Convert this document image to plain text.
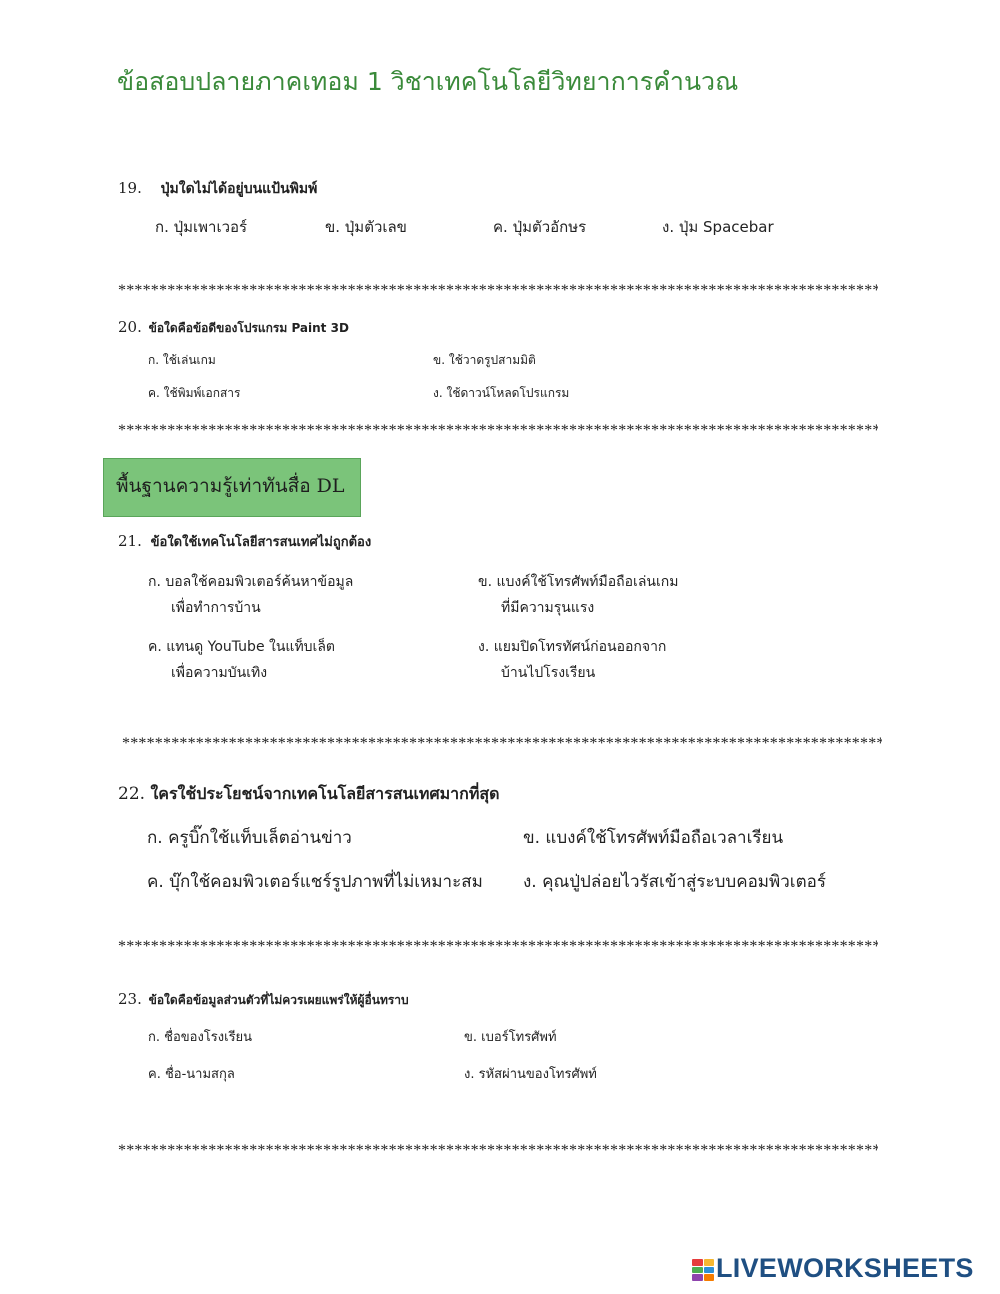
ข้อสอบปลายภาคเทอม 1 วิชาเทคโนโลยีวิทยาการคำนวณ
19. ปุ่มใดไม่ได้อยู่บนแป้นพิมพ์
ก. ปุ่มเพาเวอร์	ข. ปุ่มตัวเลข	ค. ปุ่มตัวอักษร	ง. ปุ่ม Spacebar
*****
20. ข้อใดคือข้อดีของโปรแกรม Paint 3D
ก. ใช้เล่นเกม	ข. ใช้วาดรูปสามมิติ
ค. ใช้พิมพ์เอกสาร	ง. ใช้ดาวน์โหลดโปรแกรม
*****
พื้นฐานความรู้เท่าทันสื่อ DL
21. ข้อใดใช้เทคโนโลยีสารสนเทศไม่ถูกต้อง
ก. บอลใช้คอมพิวเตอร์ค้นหาข้อมูล
เพื่อทำการบ้าน
ข. แบงค์ใช้โทรศัพท์มือถือเล่นเกม
ที่มีความรุนแรง
ค. แทนดู YouTube ในแท็บเล็ต
เพื่อความบันเทิง
ง. แยมปิดโทรทัศน์ก่อนออกจาก
บ้านไปโรงเรียน
*****
22. ใครใช้ประโยชน์จากเทคโนโลยีสารสนเทศมากที่สุด
ก. ครูบิ๊กใช้แท็บเล็ตอ่านข่าว	ข. แบงค์ใช้โทรศัพท์มือถือเวลาเรียน
ค. บุ๊กใช้คอมพิวเตอร์แชร์รูปภาพที่ไม่เหมาะสม ง. คุณปู่ปล่อยไวรัสเข้าสู่ระบบคอมพิวเตอร์
*****
23. ข้อใดคือข้อมูลส่วนตัวที่ไม่ควรเผยแพร่ให้ผู้อื่นทราบ
ก. ชื่อของโรงเรียน	ข. เบอร์โทรศัพท์
ค. ชื่อ-นามสกุล	ง. รหัสผ่านของโทรศัพท์
*****
LIVEWORKSHEETS
